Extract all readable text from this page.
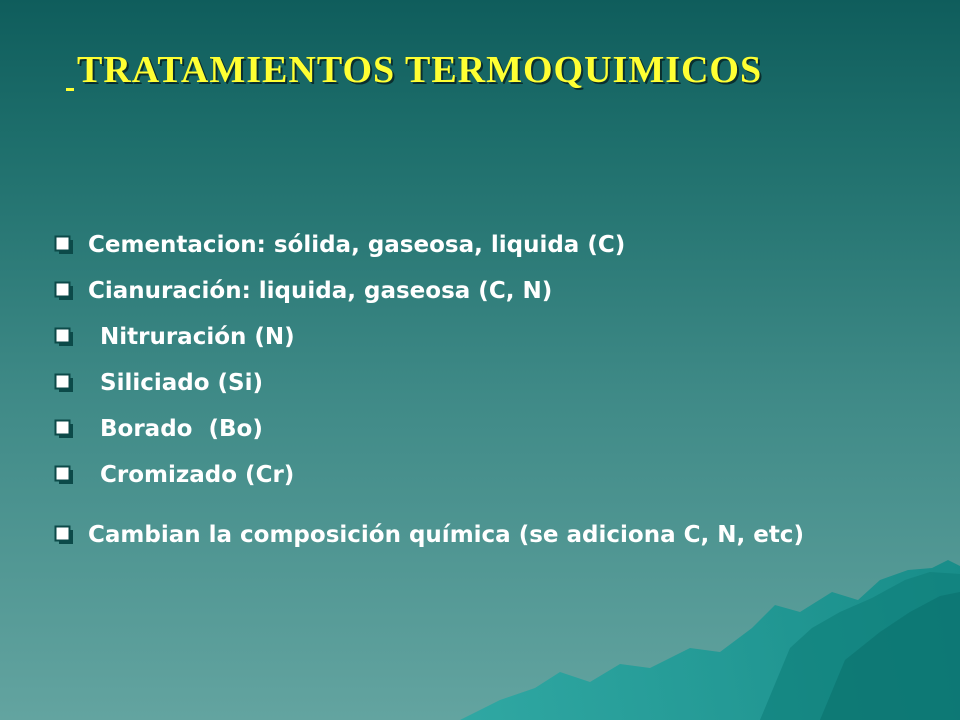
TRATAMIENTOS TERMOQUIMICOS
Cementacion: sólida, gaseosa, liquida (C)
Cianuración: liquida, gaseosa (C, N)
Nitruración (N)
Siliciado (Si)
Borado  (Bo)
Cromizado (Cr)
Cambian la composición química (se adiciona C, N, etc)
